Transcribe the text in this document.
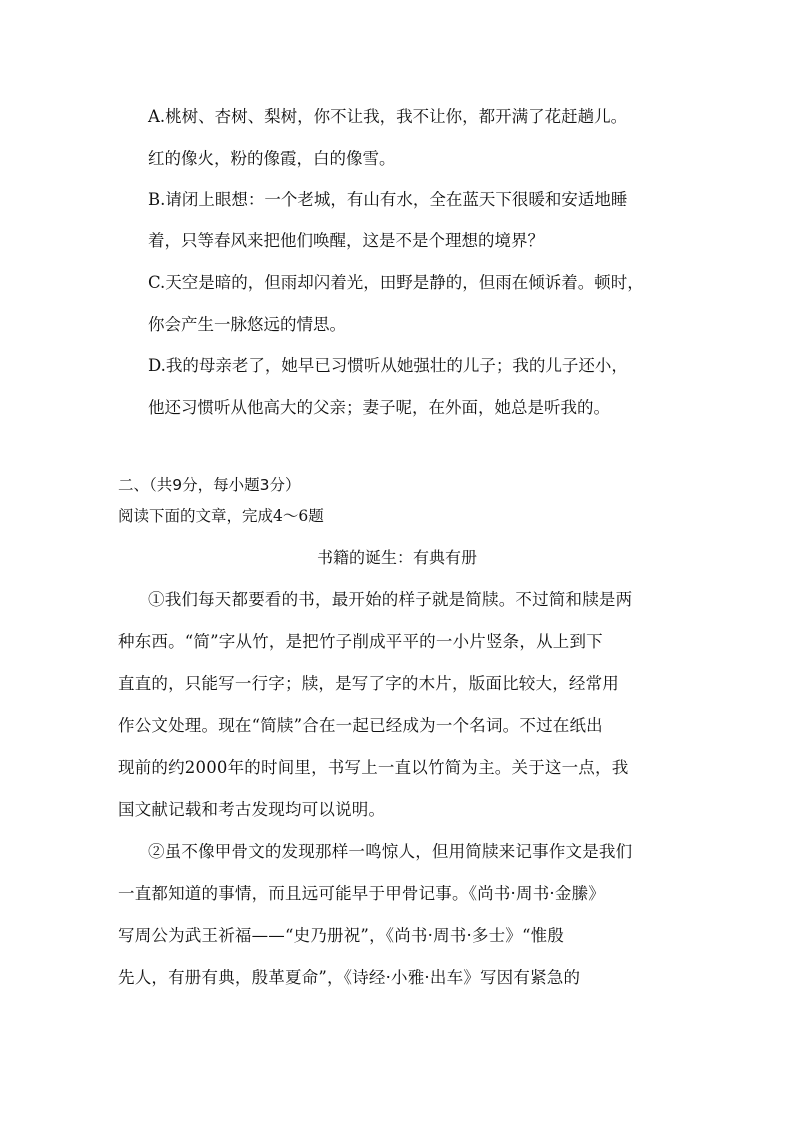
A.桃树、杏树、梨树，你不让我，我不让你，都开满了花赶趟儿。
红的像火，粉的像霞，白的像雪。
B.请闭上眼想：一个老城，有山有水，全在蓝天下很暖和安适地睡
着，只等春风来把他们唤醒，这是不是个理想的境界？
C.天空是暗的，但雨却闪着光，田野是静的，但雨在倾诉着。顿时，
你会产生一脉悠远的情思。
D.我的母亲老了，她早已习惯听从她强壮的儿子；我的儿子还小，
他还习惯听从他高大的父亲；妻子呢，在外面，她总是听我的。
二、（共9分，每小题3分）
阅读下面的文章，完成4～6题
书籍的诞生：有典有册
①我们每天都要看的书，最开始的样子就是简牍。不过简和牍是两
种东西。“简”字从竹，是把竹子削成平平的一小片竖条，从上到下
直直的，只能写一行字；牍，是写了字的木片，版面比较大，经常用
作公文处理。现在“简牍”合在一起已经成为一个名词。不过在纸出
现前的约2000年的时间里，书写上一直以竹简为主。关于这一点，我
国文献记载和考古发现均可以说明。
②虽不像甲骨文的发现那样一鸣惊人，但用简牍来记事作文是我们
一直都知道的事情，而且远可能早于甲骨记事。《尚书·周书·金縢》
写周公为武王祈福——“史乃册祝”，《尚书·周书·多士》“惟殷
先人，有册有典，殷革夏命”，《诗经·小雅·出车》写因有紧急的
